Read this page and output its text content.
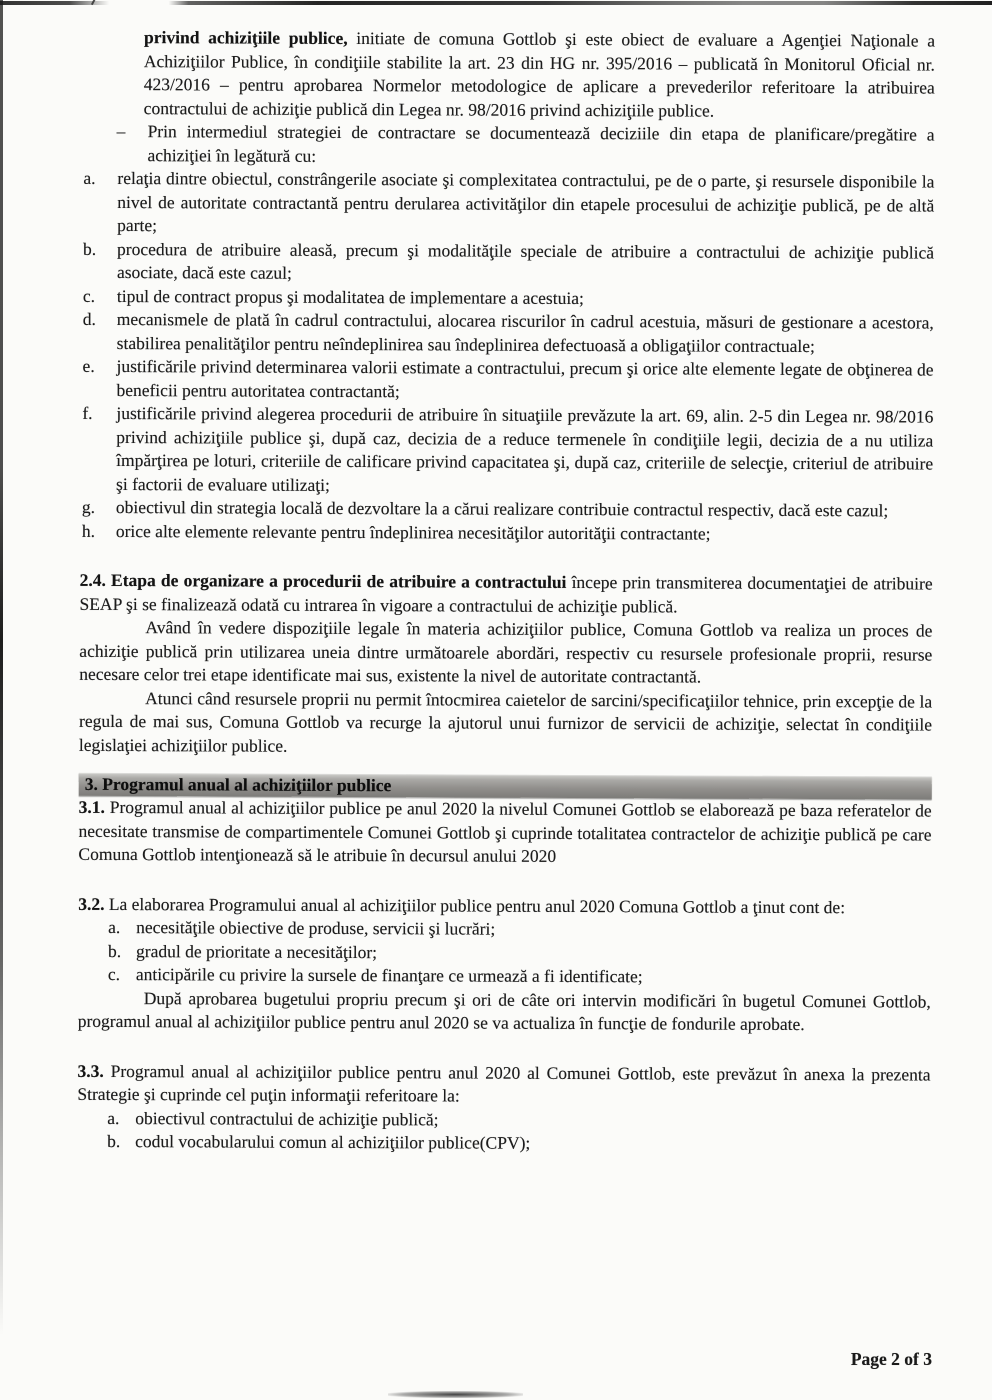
privind achiziţiile publice, initiate de comuna Gottlob şi este obiect de evaluare a Agenţiei Naţionale a Achiziţiilor Publice, în condiţiile stabilite la art. 23 din HG nr. 395/2016 – publicată în Monitorul Oficial nr. 423/2016 – pentru aprobarea Normelor metodologice de aplicare a prevederilor referitoare la atribuirea contractului de achiziţie publică din Legea nr. 98/2016 privind achiziţiile publice.

–	Prin intermediul strategiei de contractare se documentează deciziile din etapa de planificare/pregătire a achiziţiei în legătură cu:
a.	relaţia dintre obiectul, constrângerile asociate şi complexitatea contractului, pe de o parte, şi resursele disponibile la nivel de autoritate contractantă pentru derularea activităţilor din etapele procesului de achiziţie publică, pe de altă parte;
b.	procedura de atribuire aleasă, precum şi modalităţile speciale de atribuire a contractului de achiziţie publică asociate, dacă este cazul;
c.	tipul de contract propus şi modalitatea de implementare a acestuia;
d.	mecanismele de plată în cadrul contractului, alocarea riscurilor în cadrul acestuia, măsuri de gestionare a acestora, stabilirea penalităţilor pentru neîndeplinirea sau îndeplinirea defectuoasă a obligaţiilor contractuale;
e.	justificările privind determinarea valorii estimate a contractului, precum şi orice alte elemente legate de obţinerea de beneficii pentru autoritatea contractantă;
f.	justificările privind alegerea procedurii de atribuire în situaţiile prevăzute la art. 69, alin. 2-5 din Legea nr. 98/2016 privind achiziţiile publice şi, după caz, decizia de a reduce termenele în condiţiile legii, decizia de a nu utiliza împărţirea pe loturi, criteriile de calificare privind capacitatea şi, după caz, criteriile de selecţie, criteriul de atribuire şi factorii de evaluare utilizaţi;
g.	obiectivul din strategia locală de dezvoltare la a cărui realizare contribuie contractul respectiv, dacă este cazul;
h.	orice alte elemente relevante pentru îndeplinirea necesităţilor autorităţii contractante;

2.4. Etapa de organizare a procedurii de atribuire a contractului începe prin transmiterea documentaţiei de atribuire SEAP şi se finalizează odată cu intrarea în vigoare a contractului de achiziţie publică.

Având în vedere dispoziţiile legale în materia achiziţiilor publice, Comuna Gottlob va realiza un proces de achiziţie publică prin utilizarea uneia dintre următoarele abordări, respectiv cu resursele profesionale proprii, resurse necesare celor trei etape identificate mai sus, existente la nivel de autoritate contractantă.

Atunci când resursele proprii nu permit întocmirea caietelor de sarcini/specificaţiilor tehnice, prin excepţie de la regula de mai sus, Comuna Gottlob va recurge la ajutorul unui furnizor de servicii de achiziţie, selectat în condiţiile legislaţiei achiziţiilor publice.

3. Programul anual al achiziţiilor publice

3.1. Programul anual al achiziţiilor publice pe anul 2020 la nivelul Comunei Gottlob se elaborează pe baza referatelor de necesitate transmise de compartimentele Comunei Gottlob şi cuprinde totalitatea contractelor de achiziţie publică pe care Comuna Gottlob intenţionează să le atribuie în decursul anului 2020

3.2. La elaborarea Programului anual al achiziţiilor publice pentru anul 2020 Comuna Gottlob a ţinut cont de:

a. necesităţile obiective de produse, servicii şi lucrări;
b. gradul de prioritate a necesităţilor;
c. anticipările cu privire la sursele de finanţare ce urmează a fi identificate;

După aprobarea bugetului propriu precum şi ori de câte ori intervin modificări în bugetul Comunei Gottlob, programul anual al achiziţiilor publice pentru anul 2020 se va actualiza în funcţie de fondurile aprobate.

3.3. Programul anual al achiziţiilor publice pentru anul 2020 al Comunei Gottlob, este prevăzut în anexa la prezenta Strategie şi cuprinde cel puţin informaţii referitoare la:

a. obiectivul contractului de achiziţie publică;
b. codul vocabularului comun al achiziţiilor publice(CPV);
Page 2 of 3
